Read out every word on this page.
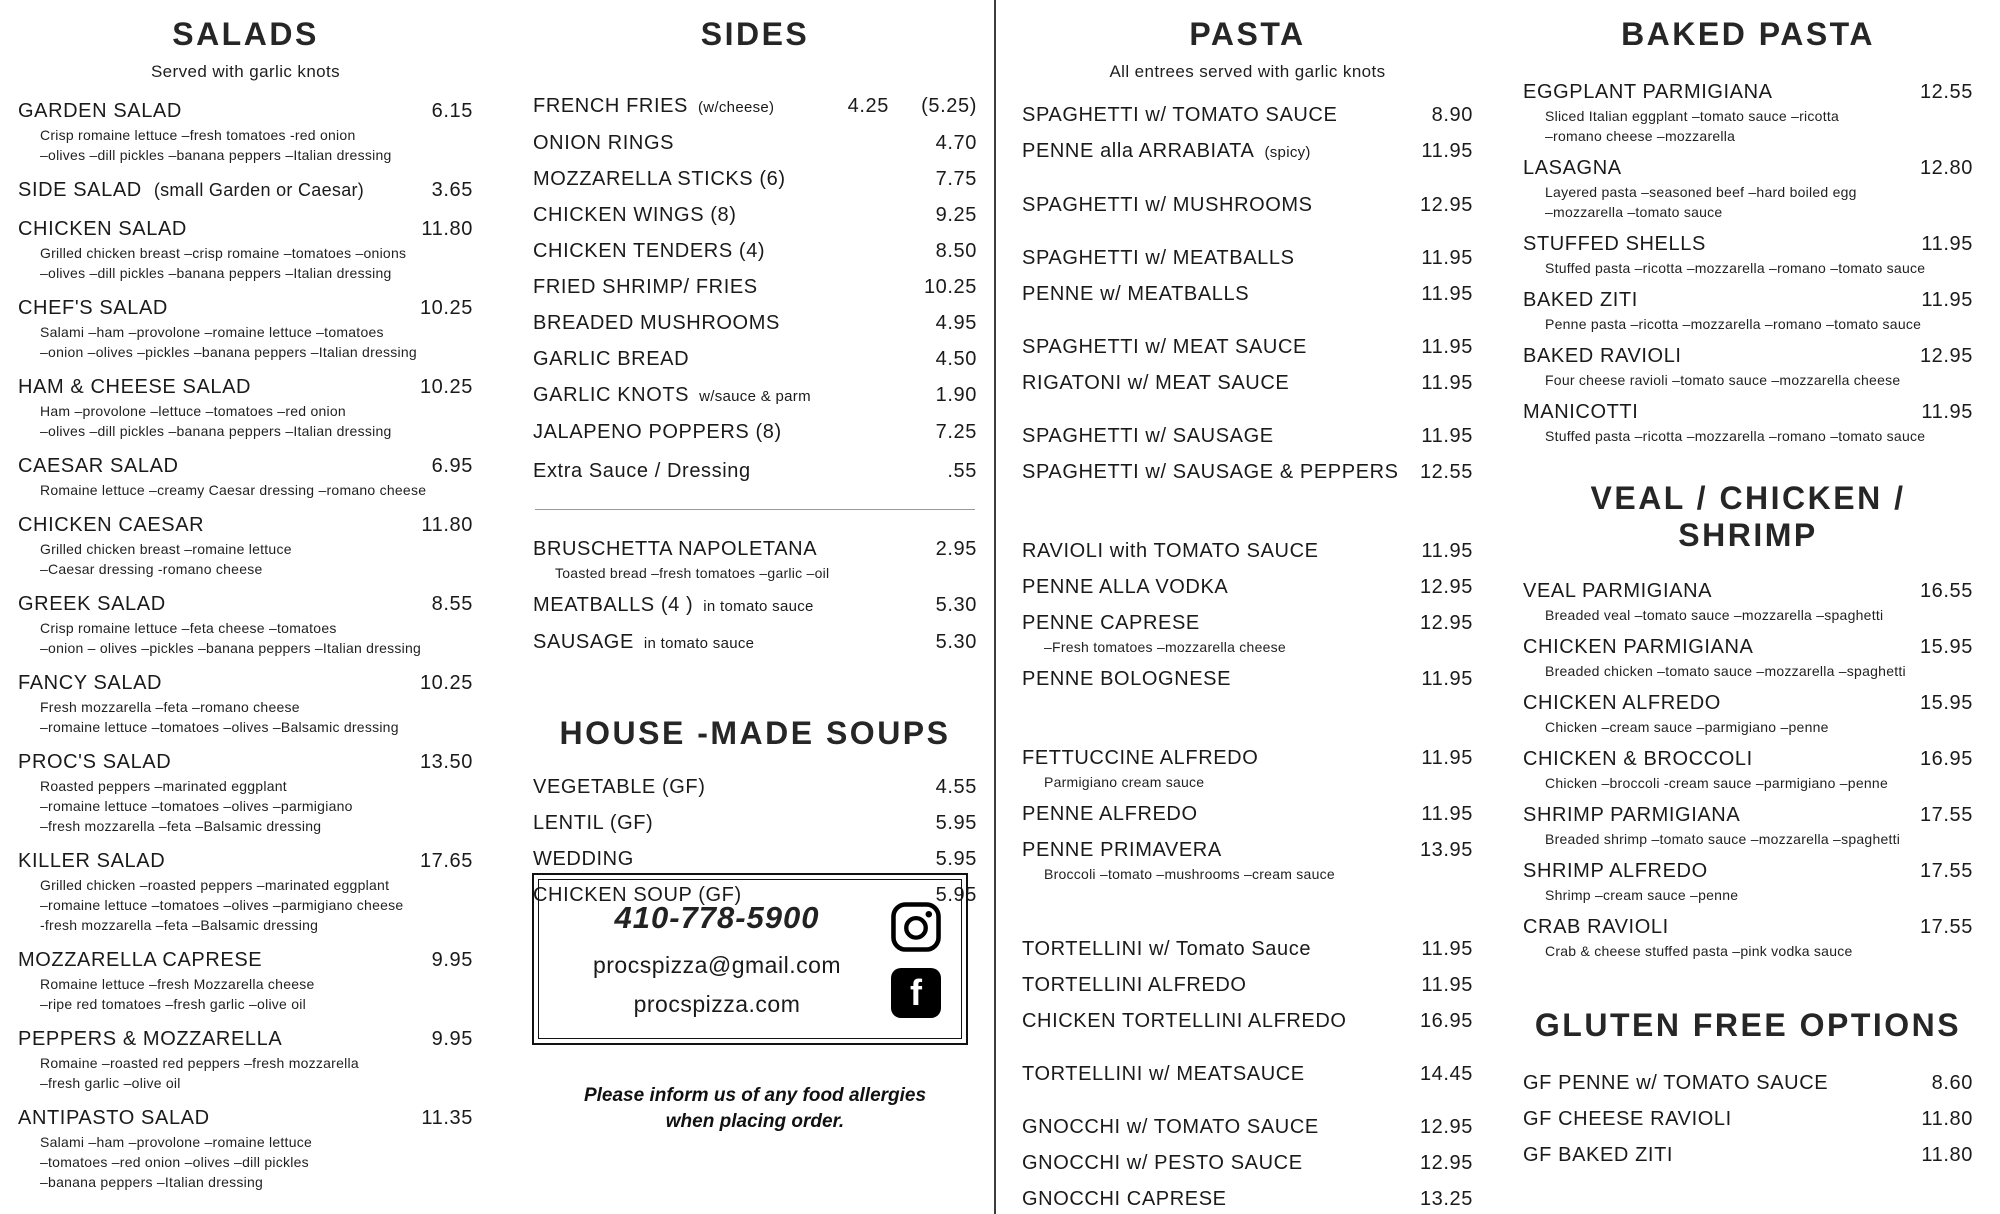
SALADS
Served with garlic knots
GARDEN SALAD	6.15
Crisp romaine lettuce –fresh tomatoes -red onion
–olives –dill pickles –banana peppers –Italian dressing
SIDE SALAD (small Garden or Caesar)	3.65
CHICKEN SALAD	11.80
Grilled chicken breast –crisp romaine –tomatoes –onions
–olives –dill pickles –banana peppers –Italian dressing
CHEF'S SALAD	10.25
Salami –ham –provolone –romaine lettuce –tomatoes
–onion –olives –pickles –banana peppers –Italian dressing
HAM & CHEESE SALAD	10.25
Ham –provolone –lettuce –tomatoes –red onion
–olives –dill pickles –banana peppers –Italian dressing
CAESAR SALAD	6.95
Romaine lettuce –creamy Caesar dressing –romano cheese
CHICKEN CAESAR	11.80
Grilled chicken breast –romaine lettuce
–Caesar dressing -romano cheese
GREEK SALAD	8.55
Crisp romaine lettuce –feta cheese –tomatoes
–onion – olives –pickles –banana peppers –Italian dressing
FANCY SALAD	10.25
Fresh mozzarella –feta –romano cheese
–romaine lettuce –tomatoes –olives –Balsamic dressing
PROC'S SALAD	13.50
Roasted peppers –marinated eggplant
–romaine lettuce –tomatoes –olives –parmigiano
–fresh mozzarella –feta –Balsamic dressing
KILLER SALAD	17.65
Grilled chicken –roasted peppers –marinated eggplant
–romaine lettuce –tomatoes –olives –parmigiano cheese
-fresh mozzarella –feta –Balsamic dressing
MOZZARELLA CAPRESE	9.95
Romaine lettuce –fresh Mozzarella cheese
–ripe red tomatoes –fresh garlic –olive oil
PEPPERS & MOZZARELLA	9.95
Romaine –roasted red peppers –fresh mozzarella
–fresh garlic –olive oil
ANTIPASTO SALAD	11.35
Salami –ham –provolone –romaine lettuce
–tomatoes –red onion –olives –dill pickles
–banana peppers –Italian dressing
SIDES
FRENCH FRIES (w/cheese)	4.25	(5.25)
ONION RINGS	4.70
MOZZARELLA STICKS (6)	7.75
CHICKEN WINGS (8)	9.25
CHICKEN TENDERS (4)	8.50
FRIED SHRIMP/ FRIES	10.25
BREADED MUSHROOMS	4.95
GARLIC BREAD	4.50
GARLIC KNOTS w/sauce & parm	1.90
JALAPENO POPPERS (8)	7.25
Extra Sauce / Dressing	.55
BRUSCHETTA NAPOLETANA	2.95
Toasted bread –fresh tomatoes –garlic –oil
MEATBALLS (4 ) in tomato sauce	5.30
SAUSAGE in tomato sauce	5.30
HOUSE -MADE SOUPS
VEGETABLE (GF)	4.55
LENTIL (GF)	5.95
WEDDING	5.95
CHICKEN SOUP (GF)	5.95
PASTA
All entrees served with garlic knots
SPAGHETTI w/ TOMATO SAUCE	8.90
PENNE alla ARRABIATA (spicy)	11.95
SPAGHETTI w/ MUSHROOMS	12.95
SPAGHETTI w/ MEATBALLS	11.95
PENNE w/ MEATBALLS	11.95
SPAGHETTI w/ MEAT SAUCE	11.95
RIGATONI w/ MEAT SAUCE	11.95
SPAGHETTI w/ SAUSAGE	11.95
SPAGHETTI w/ SAUSAGE & PEPPERS 12.55
RAVIOLI with TOMATO SAUCE	11.95
PENNE ALLA VODKA	12.95
PENNE CAPRESE	12.95
–Fresh tomatoes –mozzarella cheese
PENNE BOLOGNESE	11.95
FETTUCCINE ALFREDO	11.95
Parmigiano cream sauce
PENNE ALFREDO	11.95
PENNE PRIMAVERA	13.95
Broccoli –tomato –mushrooms –cream sauce
TORTELLINI w/ Tomato Sauce	11.95
TORTELLINI ALFREDO	11.95
CHICKEN TORTELLINI ALFREDO	16.95
TORTELLINI w/ MEATSAUCE	14.45
GNOCCHI w/ TOMATO SAUCE	12.95
GNOCCHI w/ PESTO SAUCE	12.95
GNOCCHI CAPRESE	13.25
BAKED PASTA
EGGPLANT PARMIGIANA	12.55
Sliced Italian eggplant –tomato sauce –ricotta
–romano cheese –mozzarella
LASAGNA	12.80
Layered pasta –seasoned beef –hard boiled egg
–mozzarella –tomato sauce
STUFFED SHELLS	11.95
Stuffed pasta –ricotta –mozzarella –romano –tomato sauce
BAKED ZITI	11.95
Penne pasta –ricotta –mozzarella –romano –tomato sauce
BAKED RAVIOLI	12.95
Four cheese ravioli –tomato sauce –mozzarella cheese
MANICOTTI	11.95
Stuffed pasta –ricotta –mozzarella –romano –tomato sauce
VEAL / CHICKEN / SHRIMP
VEAL PARMIGIANA	16.55
Breaded veal –tomato sauce –mozzarella –spaghetti
CHICKEN PARMIGIANA	15.95
Breaded chicken –tomato sauce –mozzarella –spaghetti
CHICKEN ALFREDO	15.95
Chicken –cream sauce –parmigiano –penne
CHICKEN & BROCCOLI	16.95
Chicken –broccoli -cream sauce –parmigiano –penne
SHRIMP PARMIGIANA	17.55
Breaded shrimp –tomato sauce –mozzarella –spaghetti
SHRIMP ALFREDO	17.55
Shrimp –cream sauce –penne
CRAB RAVIOLI	17.55
Crab & cheese stuffed pasta –pink vodka sauce
GLUTEN FREE OPTIONS
GF PENNE w/ TOMATO SAUCE	8.60
GF CHEESE RAVIOLI	11.80
GF BAKED ZITI	11.80
410-778-5900
procspizza@gmail.com
procspizza.com	f
Please inform us of any food allergies
when placing order.
